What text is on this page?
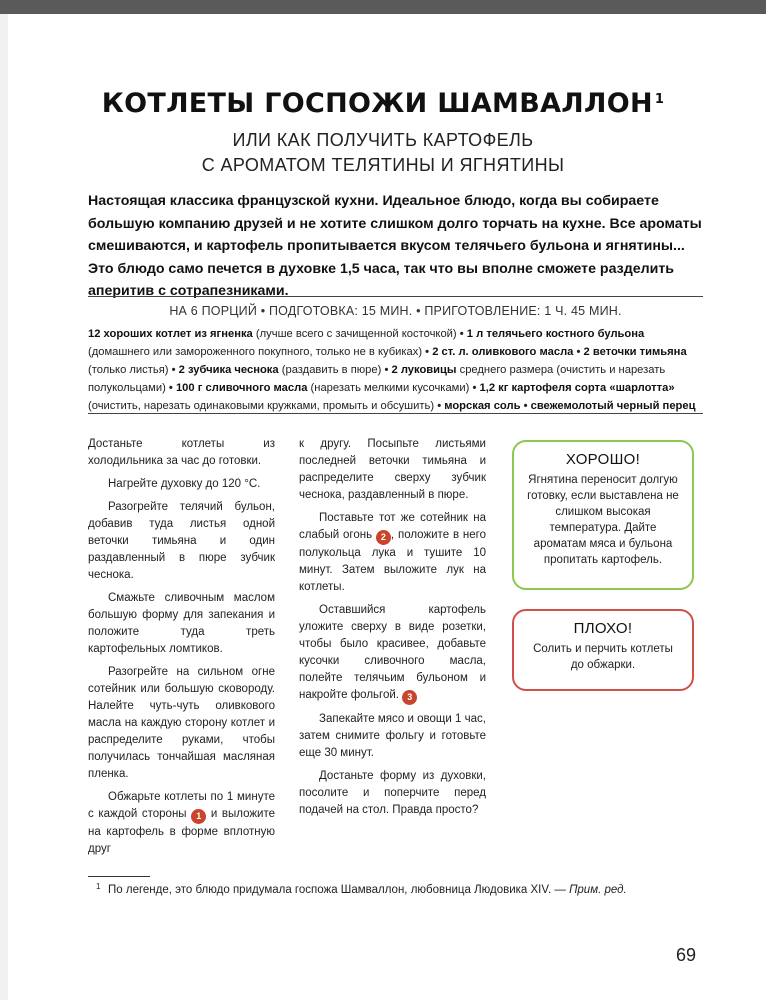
КОТЛЕТЫ ГОСПОЖИ ШАМВАЛЛОН $^1$
ИЛИ КАК ПОЛУЧИТЬ КАРТОФЕЛЬ
С АРОМАТОМ ТЕЛЯТИНЫ И ЯГНЯТИНЫ

Настоящая классика французской кухни. Идеальное блюдо, когда вы собираете большую компанию друзей и не хотите слишком долго торчать на кухне. Все ароматы смешиваются, и картофель пропитывается вкусом телячьего бульона и ягнятины... Это блюдо само печется в духовке 1,5 часа, так что вы вполне сможете разделить аперитив с сотрапезниками.

НА 6 ПОРЦИЙ • ПОДГОТОВКА: 15 МИН. • ПРИГОТОВЛЕНИЕ: 1 Ч. 45 МИН.
12 хороших котлет из ягненка (лучше всего с зачищенной косточкой) • 1 л телячьего костного бульона (домашнего или замороженного покупного, только не в кубиках) • 2 ст. л. оливкового масла • 2 веточки тимьяна (только листья) • 2 зубчика чеснока (раздавить в пюре) • 2 луковицы среднего размера (очистить и нарезать полукольцами) • 100 г сливочного масла (нарезать мелкими кусочками) • 1,2 кг картофеля сорта «шарлотта» (очистить, нарезать одинаковыми кружками, промыть и обсушить) • морская соль • свежемолотый черный перец

Достаньте котлеты из холодильника за час до готовки.

Нагрейте духовку до 120 °С.

Разогрейте телячий бульон, добавив туда листья одной веточки тимьяна и один раздавленный в пюре зубчик чеснока.

Смажьте сливочным маслом большую форму для запекания и положите туда треть картофельных ломтиков.

Разогрейте на сильном огне сотейник или большую сковороду. Налейте чуть-чуть оливкового масла на каждую сторону котлет и распределите руками, чтобы получилась тончайшая масляная пленка.

Обжарьте котлеты по 1 минуте с каждой стороны 1 и выложите на картофель в форме вплотную друг

к другу. Посыпьте листьями последней веточки тимьяна и распределите сверху зубчик чеснока, раздавленный в пюре.

Поставьте тот же сотейник на слабый огонь 2 , положите в него полукольца лука и тушите 10 минут. Затем выложите лук на котлеты.

Оставшийся картофель уложите сверху в виде розетки, чтобы было красивее, добавьте кусочки сливочного масла, полейте телячьим бульоном и накройте фольгой. 3

Запекайте мясо и овощи 1 час, затем снимите фольгу и готовьте еще 30 минут.

Достаньте форму из духовки, посолите и поперчите перед подачей на стол. Правда просто?

ХОРОШО!
Ягнятина переносит долгую готовку, если выставлена не слишком высокая температура. Дайте ароматам мяса и бульона пропитать картофель.
ПЛОХО!
Солить и перчить котлеты до обжарки.
1 По легенде, это блюдо придумала госпожа Шамваллон, любовница Людовика XIV. — Прим. ред.
69
